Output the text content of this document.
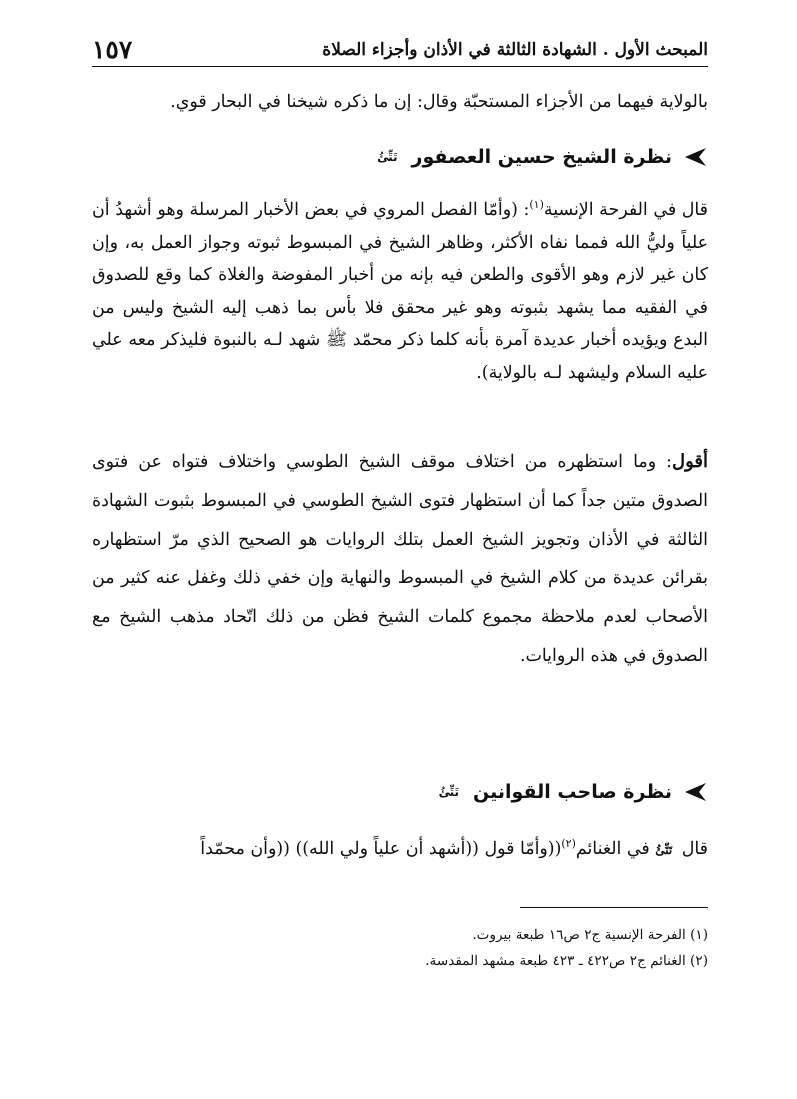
المبحث الأول . الشهادة الثالثة في الأذان وأجزاء الصلاة
١٥٧

بالولاية فيهما من الأجزاء المستحبّة وقال: إن ما ذكره شيخنا في البحار قوي.

نظرة الشيخ حسين العصفور
تَتِّئُ

قال في الفرحة الإنسية$^{(١)}$: (وأمّا الفصل المروي في بعض الأخبار المرسلة وهو أشهدُ أن علياً وليُّ الله فمما نفاه الأكثر، وظاهر الشيخ في المبسوط ثبوته وجواز العمل به، وإن كان غير لازم وهو الأقوى والطعن فيه بإنه من أخبار المفوضة والغلاة كما وقع للصدوق في الفقيه مما يشهد بثبوته وهو غير محقق فلا بأس بما ذهب إليه الشيخ وليس من البدع ويؤيده أخبار عديدة آمرة بأنه كلما ذكر محمّد ﷺ شهد لـه بالنبوة فليذكر معه علي عليه السلام وليشهد لـه بالولاية).

أقول: وما استظهره من اختلاف موقف الشيخ الطوسي واختلاف فتواه عن فتوى الصدوق متين جداً كما أن استظهار فتوى الشيخ الطوسي في المبسوط بثبوت الشهادة الثالثة في الأذان وتجويز الشيخ العمل بتلك الروايات هو الصحيح الذي مرّ استظهاره بقرائن عديدة من كلام الشيخ في المبسوط والنهاية وإن خفي ذلك وغفل عنه كثير من الأصحاب لعدم ملاحظة مجموع كلمات الشيخ فظن من ذلك اتّحاد مذهب الشيخ مع الصدوق في هذه الروايات.

نظرة صاحب القوانين
تَتِّئُ

قال تَتِّئُ في الغنائم$^{(٢)}$((وأمّا قول ((أشهد أن علياً ولي الله)) ((وأن محمّداً

(١) الفرحة الإنسية ج٢ ص١٦ طبعة بيروت.

(٢) الغنائم ج٢ ص٤٢٢ ـ ٤٢٣ طبعة مشهد المقدسة.
